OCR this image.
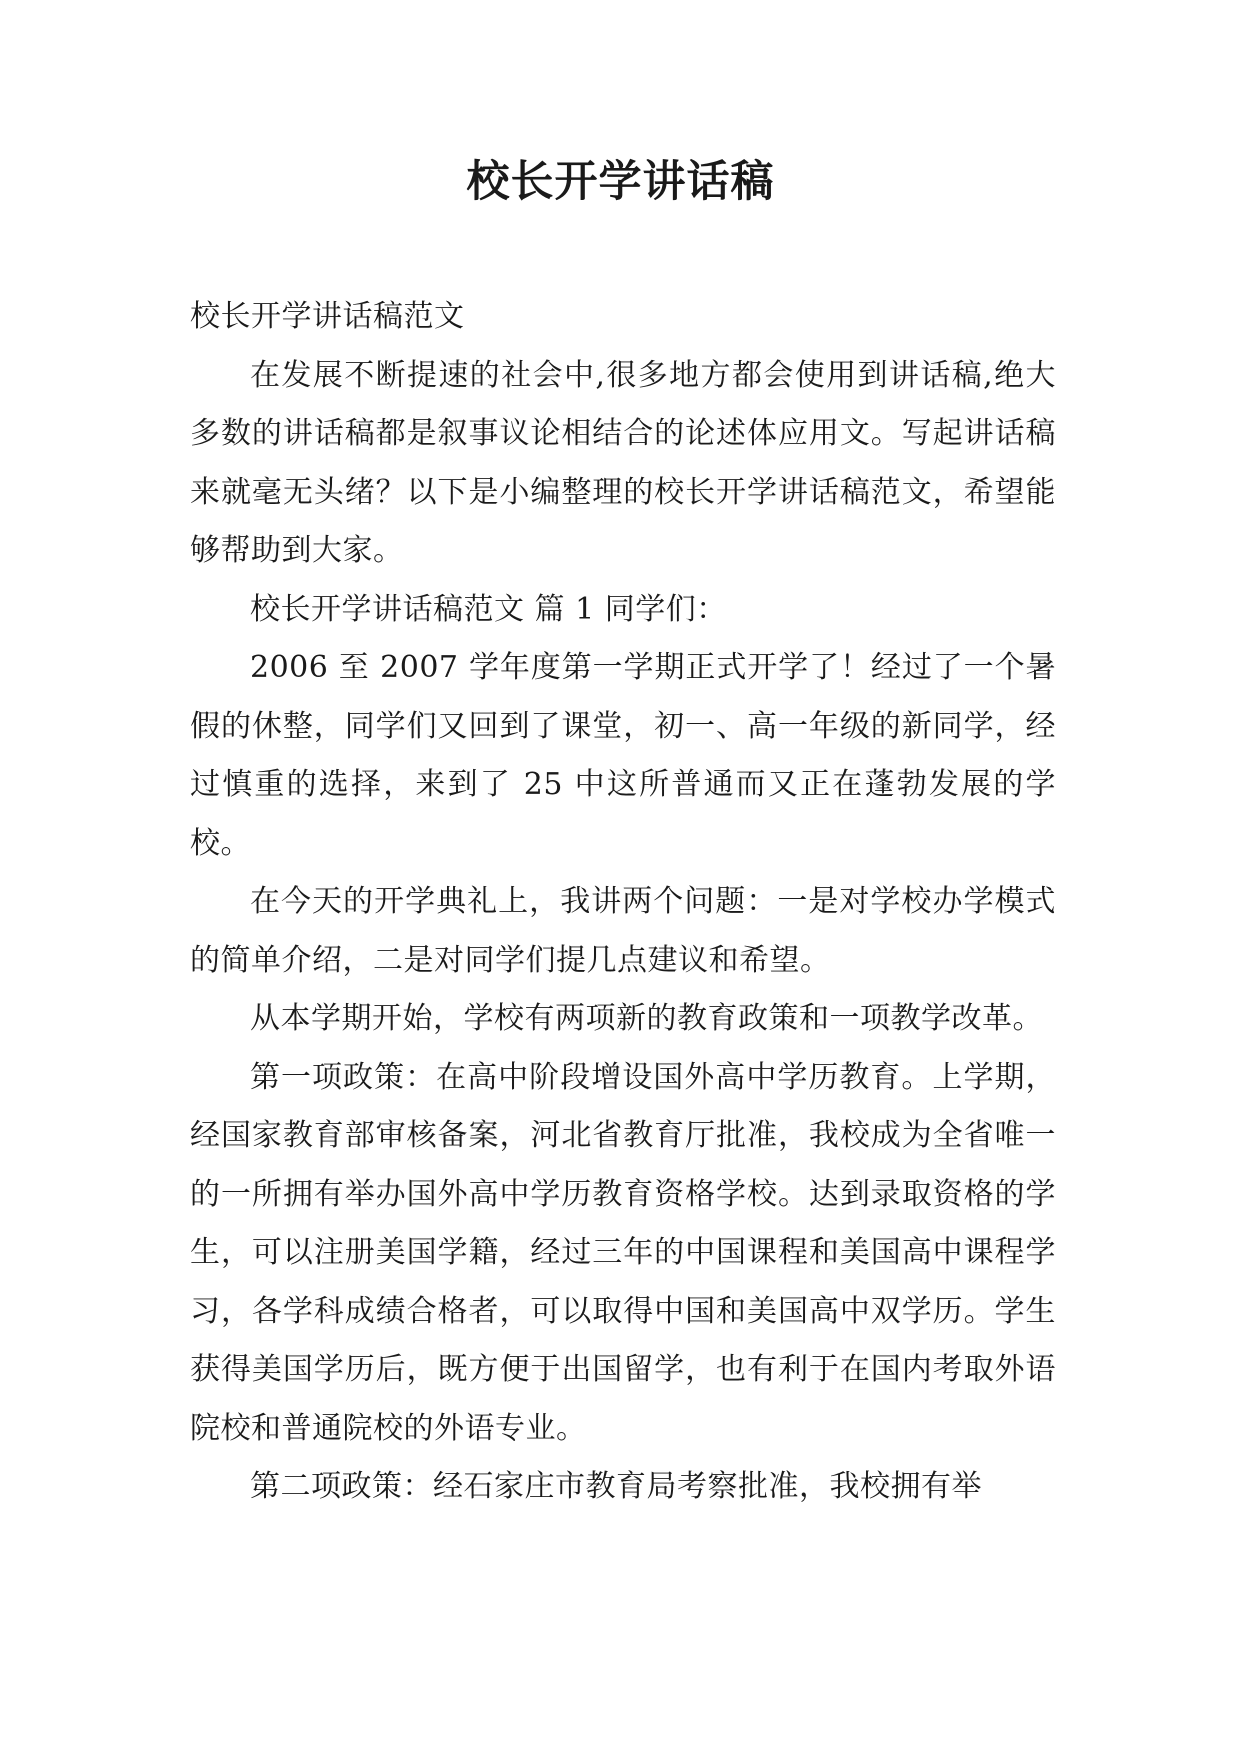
校长开学讲话稿

校长开学讲话稿范文

在发展不断提速的社会中,很多地方都会使用到讲话稿,绝大多数的讲话稿都是叙事议论相结合的论述体应用文。写起讲话稿来就毫无头绪？以下是小编整理的校长开学讲话稿范文，希望能够帮助到大家。

校长开学讲话稿范文 篇 1 同学们：

2006 至 2007 学年度第一学期正式开学了！经过了一个暑假的休整，同学们又回到了课堂，初一、高一年级的新同学，经过慎重的选择，来到了 25 中这所普通而又正在蓬勃发展的学校。

在今天的开学典礼上，我讲两个问题：一是对学校办学模式的简单介绍，二是对同学们提几点建议和希望。

从本学期开始，学校有两项新的教育政策和一项教学改革。

第一项政策：在高中阶段增设国外高中学历教育。上学期，经国家教育部审核备案，河北省教育厅批准，我校成为全省唯一的一所拥有举办国外高中学历教育资格学校。达到录取资格的学生，可以注册美国学籍，经过三年的中国课程和美国高中课程学习，各学科成绩合格者，可以取得中国和美国高中双学历。学生获得美国学历后，既方便于出国留学，也有利于在国内考取外语院校和普通院校的外语专业。

第二项政策：经石家庄市教育局考察批准，我校拥有举
